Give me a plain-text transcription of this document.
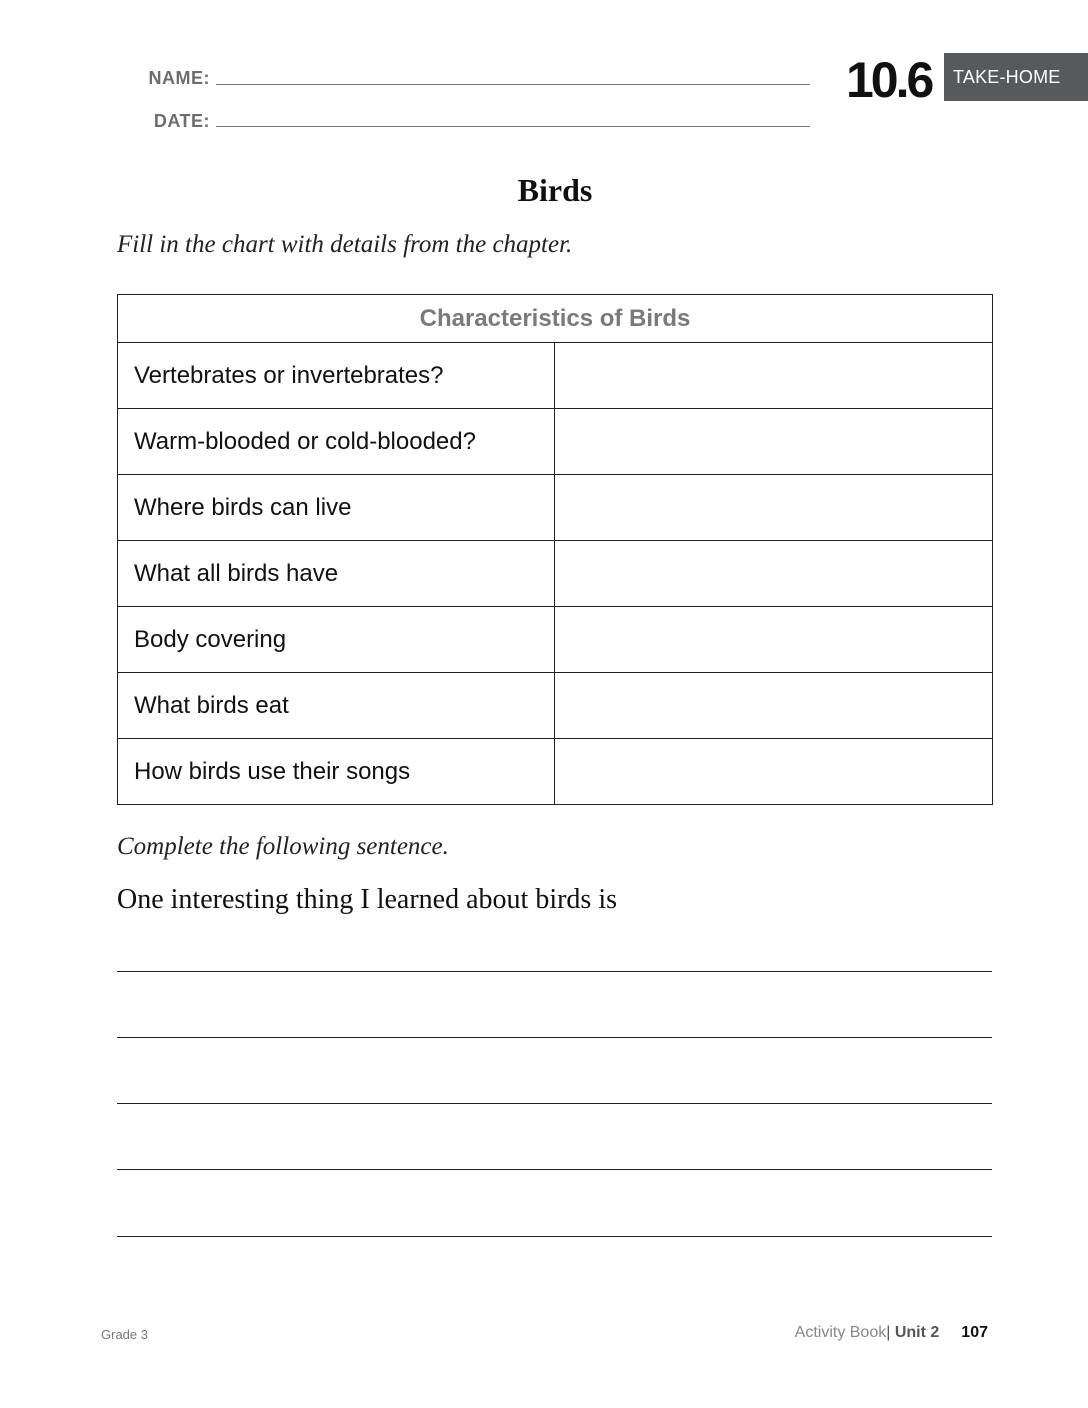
NAME:
DATE:
10.6	TAKE-HOME
Birds
Fill in the chart with details from the chapter.
Characteristics of Birds	
Vertebrates or invertebrates?	
Warm-blooded or cold-blooded?	
Where birds can live	
What all birds have	
Body covering	
What birds eat	
How birds use their songs	
Complete the following sentence.
One interesting thing I learned about birds is
Grade 3	Activity Book| Unit 2 107
